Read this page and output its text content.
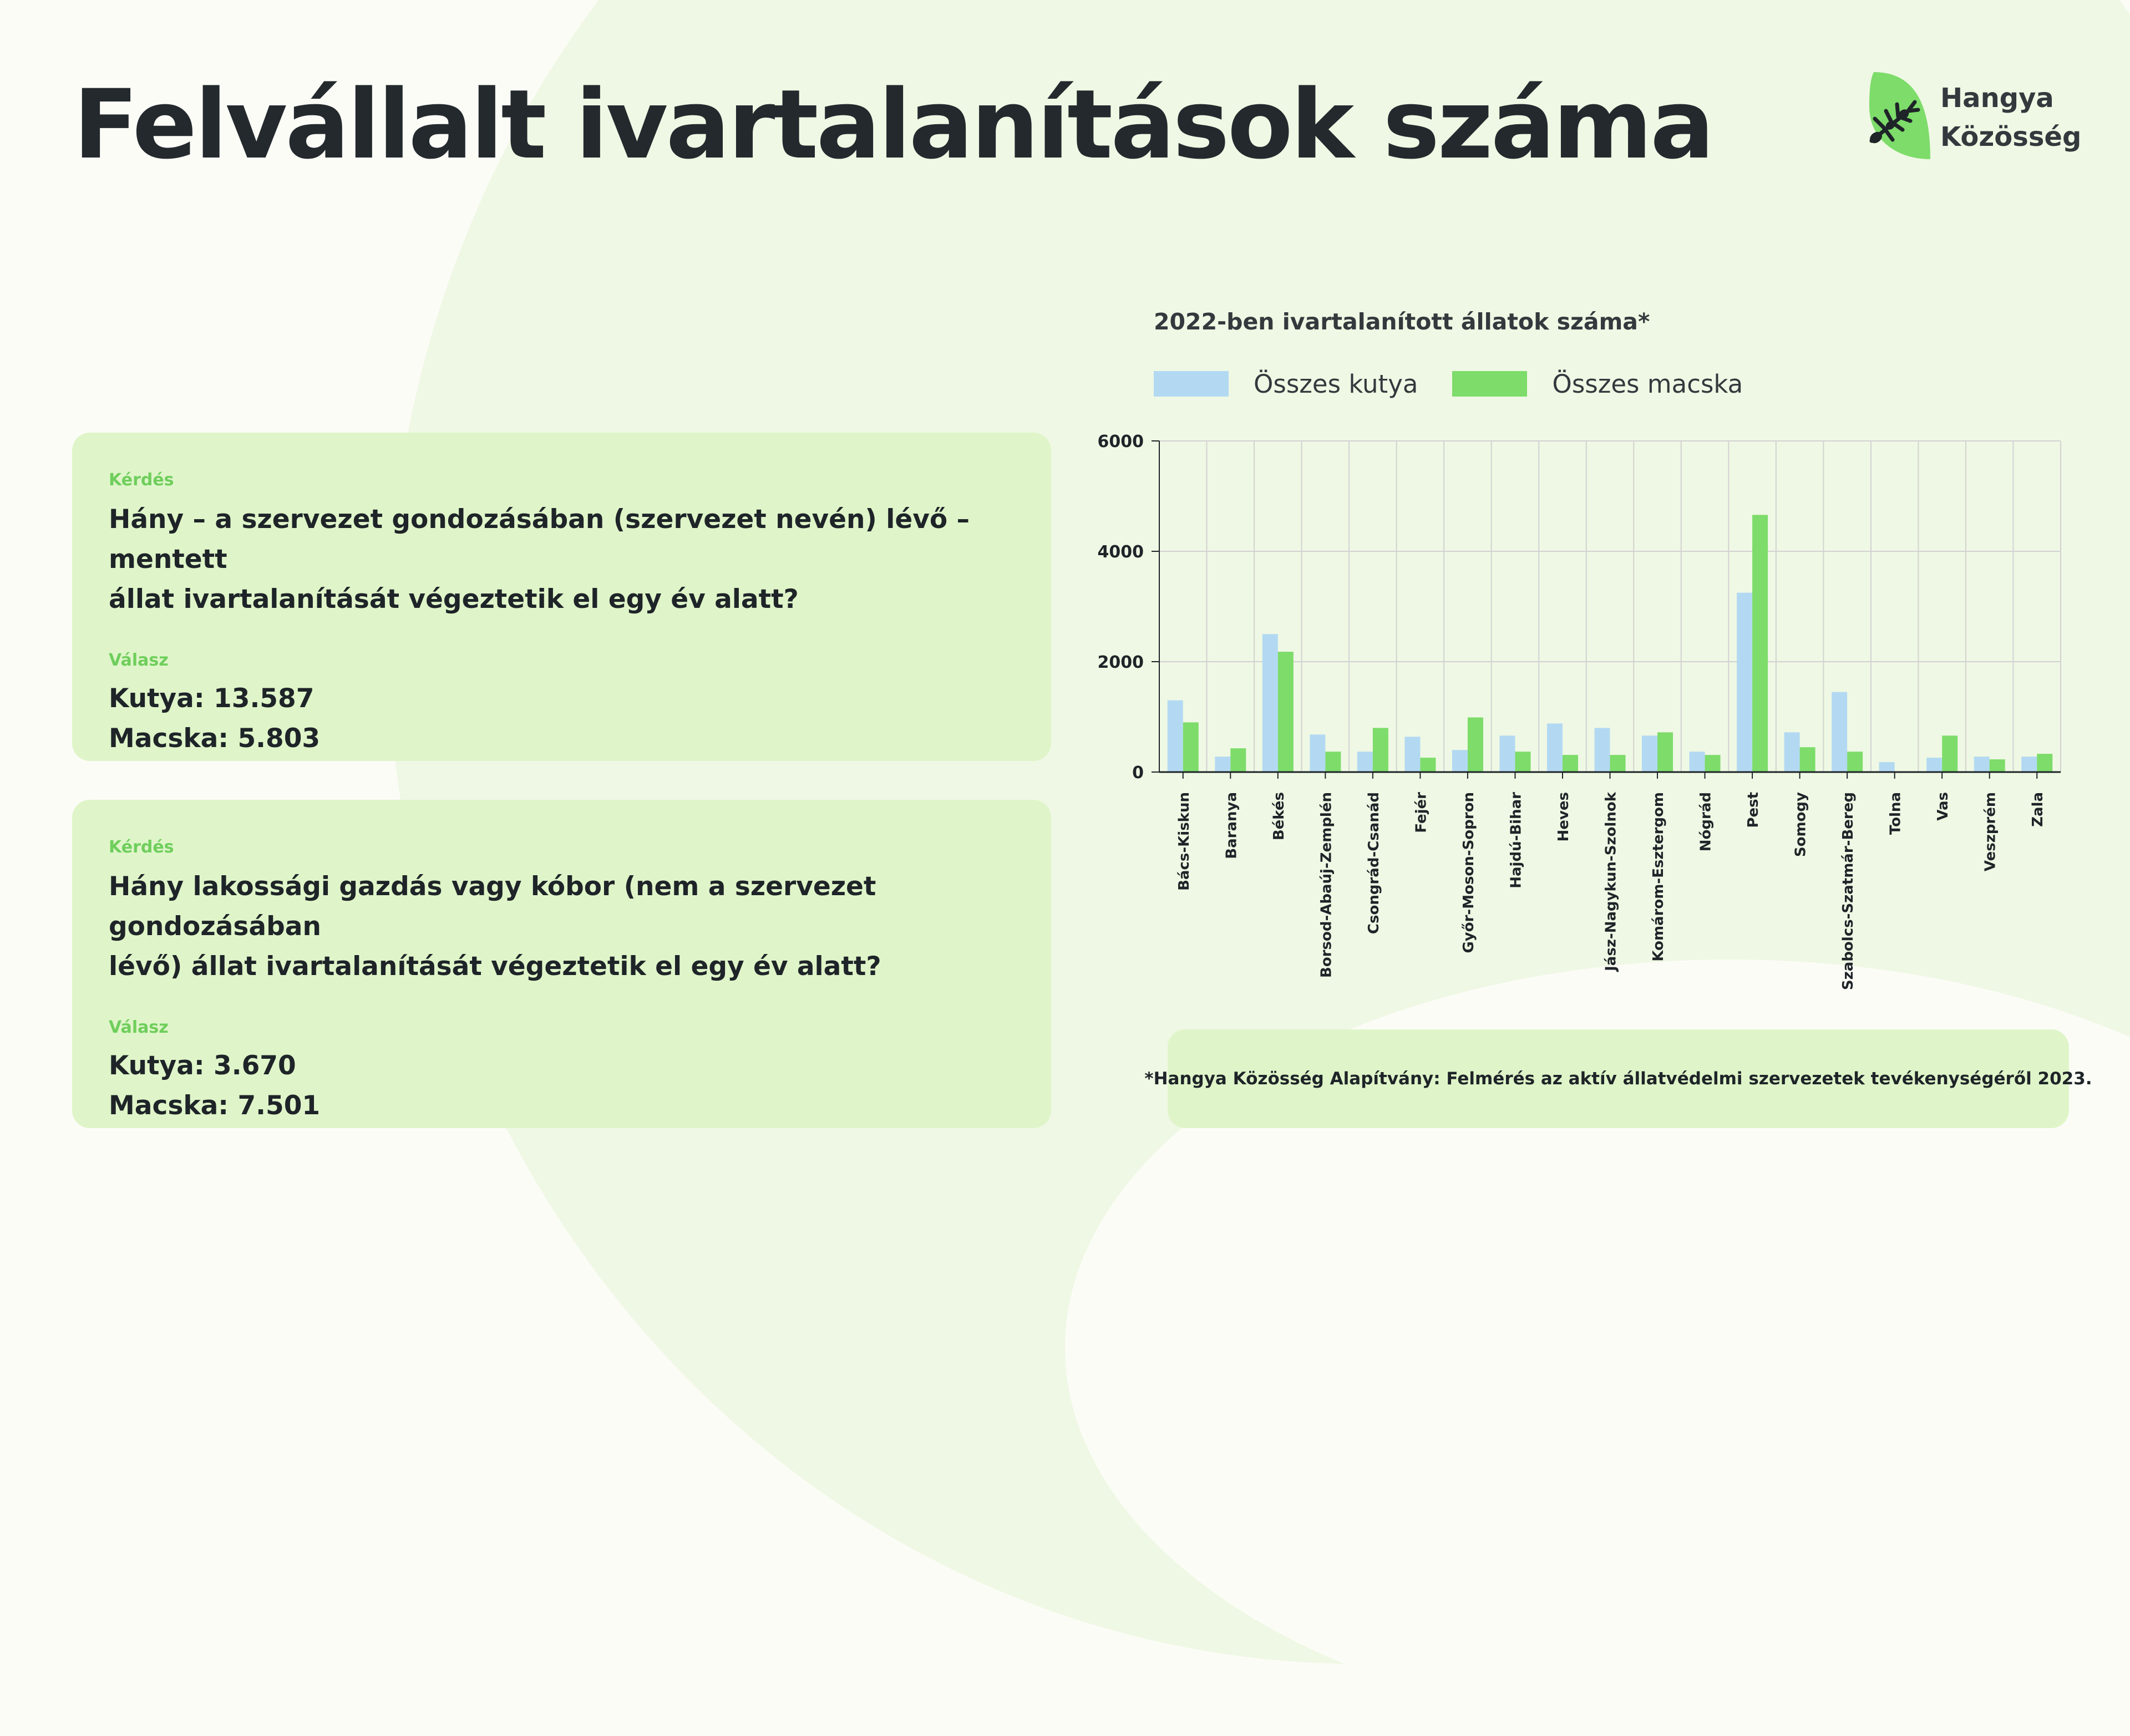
Felvállalt ivartalanítások száma	Hangya
Közösség

Kérdés

Hány – a szervezet gondozásában (szervezet nevén) lévő – mentett
állat ivartalanítását végeztetik el egy év alatt?

Válasz

Kutya: 13.587
Macska: 5.803

Kérdés

Hány lakossági gazdás vagy kóbor (nem a szervezet gondozásában
lévő) állat ivartalanítását végeztetik el egy év alatt?

Válasz

Kutya: 3.670
Macska: 7.501

2022-ben ivartalanított állatok száma*

Összes kutya	Összes macska
0
2000
4000
6000
Bács-Kiskun Baranya Békés Borsod-Abaúj-Zemplén Csongrád-Csanád Fejér Győr-Moson-Sopron Hajdú-Bihar Heves Jász-Nagykun-Szolnok Komárom-Esztergom Nógrád Pest Somogy Szabolcs-Szatmár-Bereg Tolna Vas Veszprém Zala
*Hangya Közösség Alapítvány: Felmérés az aktív állatvédelmi szervezetek tevékenységéről 2023.
